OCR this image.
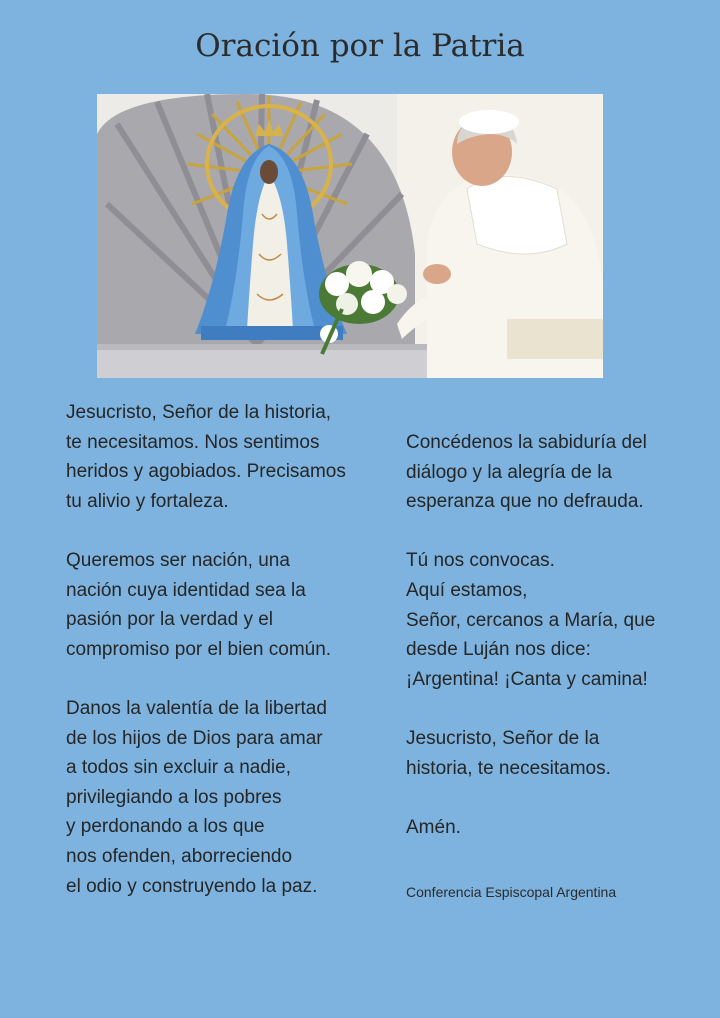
Oración por la Patria

Jesucristo, Señor de la historia,
te necesitamos. Nos sentimos
heridos y agobiados. Precisamos
tu alivio y fortaleza.

Queremos ser nación, una
nación cuya identidad sea la
pasión por la verdad y el
compromiso por el bien común.

Danos la valentía de la libertad
de los hijos de Dios para amar
a todos sin excluir a nadie,
privilegiando a los pobres
y perdonando a los que
nos ofenden, aborreciendo
el odio y construyendo la paz.

Concédenos la sabiduría del
diálogo y la alegría de la
esperanza que no defrauda.

Tú nos convocas.
Aquí estamos,
Señor, cercanos a María, que
desde Luján nos dice:
¡Argentina! ¡Canta y camina!

Jesucristo, Señor de la
historia, te necesitamos.

Amén.

Conferencia Espiscopal Argentina
